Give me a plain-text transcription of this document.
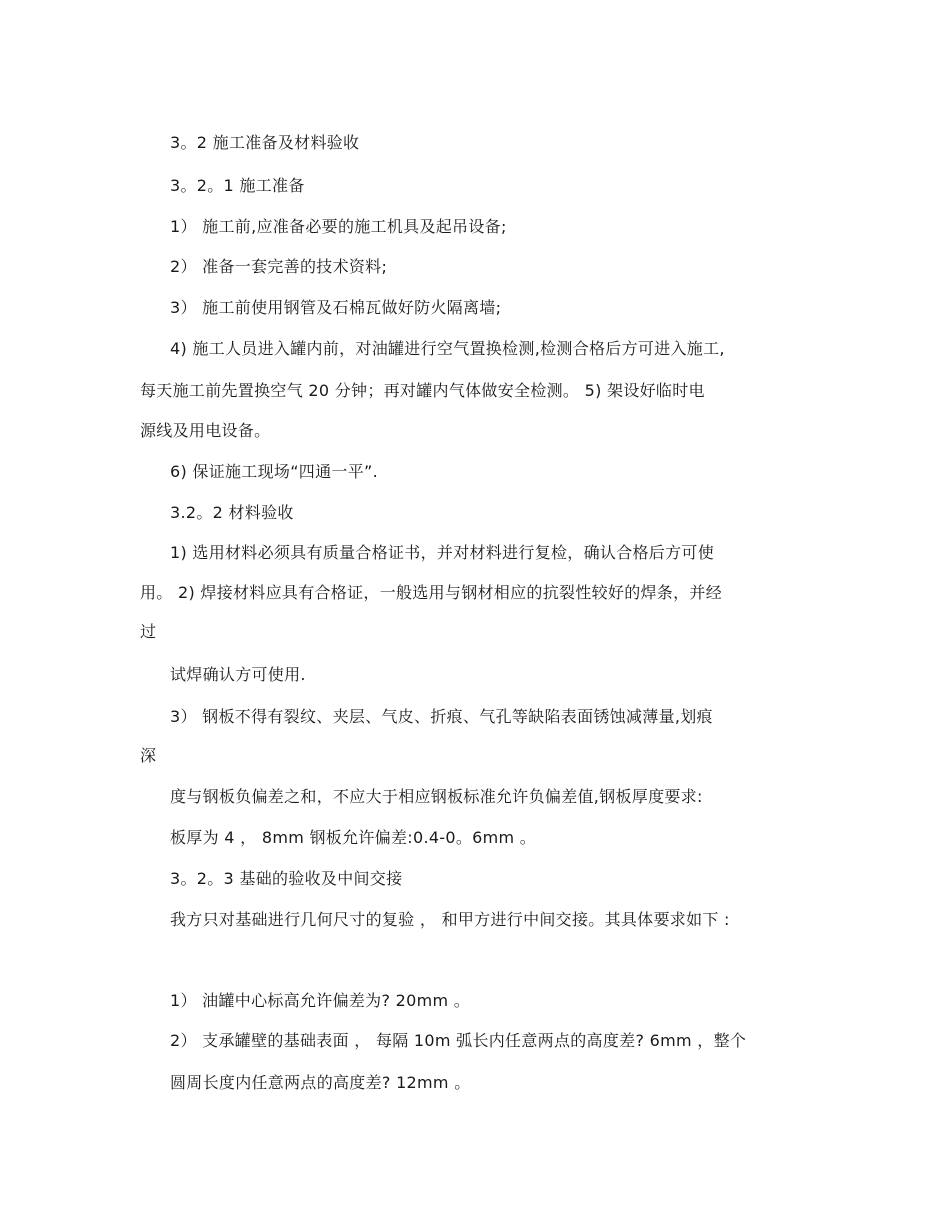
3。2 施工准备及材料验收

3。2。1 施工准备

1） 施工前,应准备必要的施工机具及起吊设备;

2） 准备一套完善的技术资料;

3） 施工前使用钢管及石棉瓦做好防火隔离墙;

4) 施工人员进入罐内前，对油罐进行空气置换检测,检测合格后方可进入施工,

每天施工前先置换空气 20 分钟；再对罐内气体做安全检测。 5) 架设好临时电

源线及用电设备。

6) 保证施工现场“四通一平”.

3.2。2 材料验收

1) 选用材料必须具有质量合格证书，并对材料进行复检，确认合格后方可使

用。 2) 焊接材料应具有合格证，一般选用与钢材相应的抗裂性较好的焊条，并经

过

试焊确认方可使用.

3） 钢板不得有裂纹、夹层、气皮、折痕、气孔等缺陷表面锈蚀减薄量,划痕

深

度与钢板负偏差之和，不应大于相应钢板标准允许负偏差值,钢板厚度要求:

板厚为 4 ， 8mm 钢板允许偏差:0.4-0。6mm 。

3。2。3 基础的验收及中间交接

我方只对基础进行几何尺寸的复验 ， 和甲方进行中间交接。其具体要求如下 :

1） 油罐中心标高允许偏差为? 20mm 。

2） 支承罐壁的基础表面 ， 每隔 10m 弧长内任意两点的高度差? 6mm ，整个

圆周长度内任意两点的高度差? 12mm 。
